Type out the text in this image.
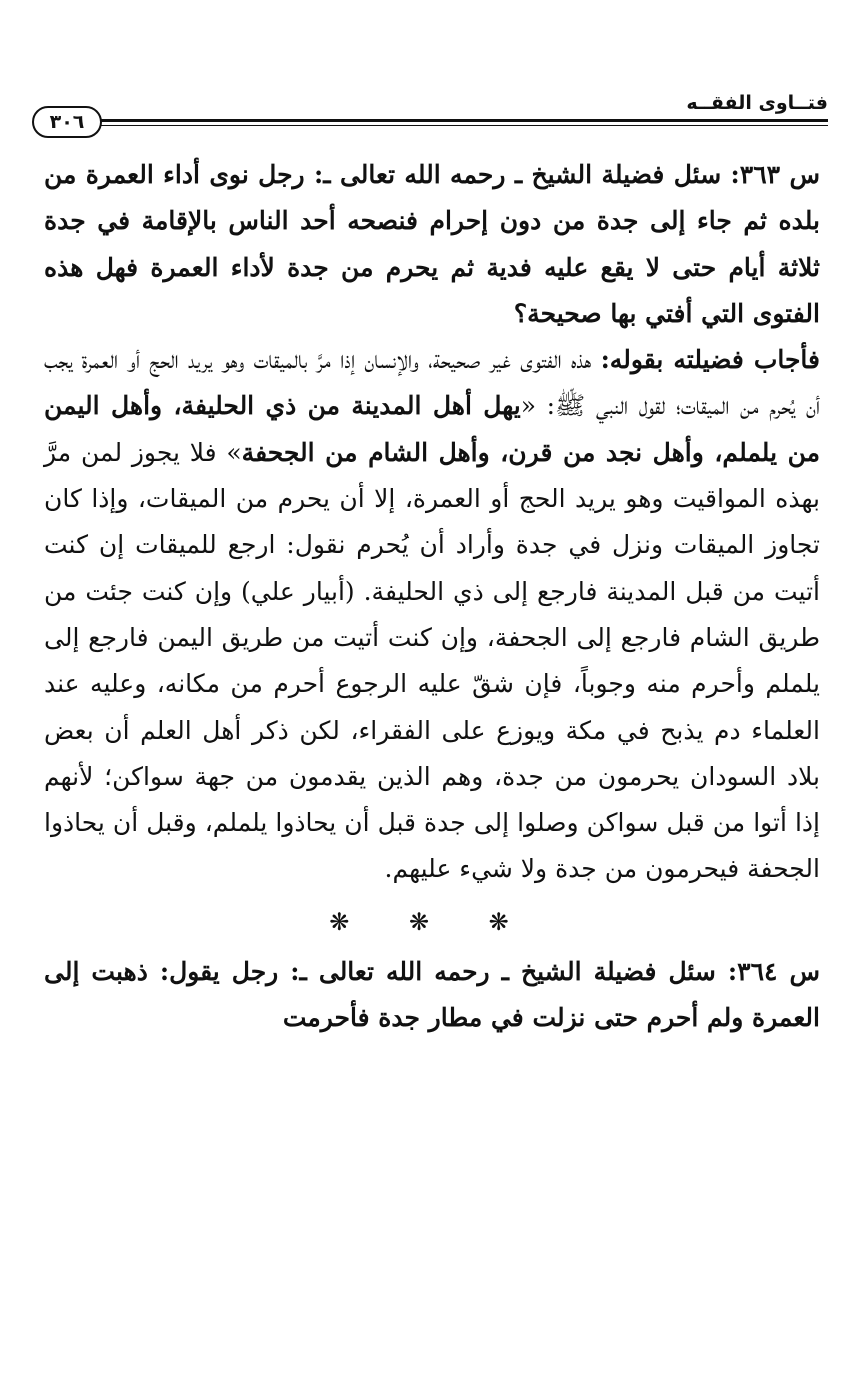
فتــاوى الفقــه
٣٠٦

س ٣٦٣: سئل فضيلة الشيخ ـ رحمه الله تعالى ـ: رجل نوى أداء العمرة من بلده ثم جاء إلى جدة من دون إحرام فنصحه أحد الناس بالإقامة في جدة ثلاثة أيام حتى لا يقع عليه فدية ثم يحرم من جدة لأداء العمرة فهل هذه الفتوى التي أفتي بها صحيحة؟

فأجاب فضيلته بقوله: هذه الفتوى غير صحيحة، والإنسان إذا مرَّ بالميقات وهو يريد الحج أو العمرة يجب أن يُحرم من الميقات؛ لقول النبي ﷺ: «يهل أهل المدينة من ذي الحليفة، وأهل اليمن من يلملم، وأهل نجد من قرن، وأهل الشام من الجحفة» فلا يجوز لمن مرَّ بهذه المواقيت وهو يريد الحج أو العمرة، إلا أن يحرم من الميقات، وإذا كان تجاوز الميقات ونزل في جدة وأراد أن يُحرم نقول: ارجع للميقات إن كنت أتيت من قبل المدينة فارجع إلى ذي الحليفة. (أبيار علي) وإن كنت جئت من طريق الشام فارجع إلى الجحفة، وإن كنت أتيت من طريق اليمن فارجع إلى يلملم وأحرم منه وجوباً، فإن شقّ عليه الرجوع أحرم من مكانه، وعليه عند العلماء دم يذبح في مكة ويوزع على الفقراء، لكن ذكر أهل العلم أن بعض بلاد السودان يحرمون من جدة، وهم الذين يقدمون من جهة سواكن؛ لأنهم إذا أتوا من قبل سواكن وصلوا إلى جدة قبل أن يحاذوا يلملم، وقبل أن يحاذوا الجحفة فيحرمون من جدة ولا شيء عليهم.

❋ ❋ ❋

س ٣٦٤: سئل فضيلة الشيخ ـ رحمه الله تعالى ـ: رجل يقول: ذهبت إلى العمرة ولم أحرم حتى نزلت في مطار جدة فأحرمت
